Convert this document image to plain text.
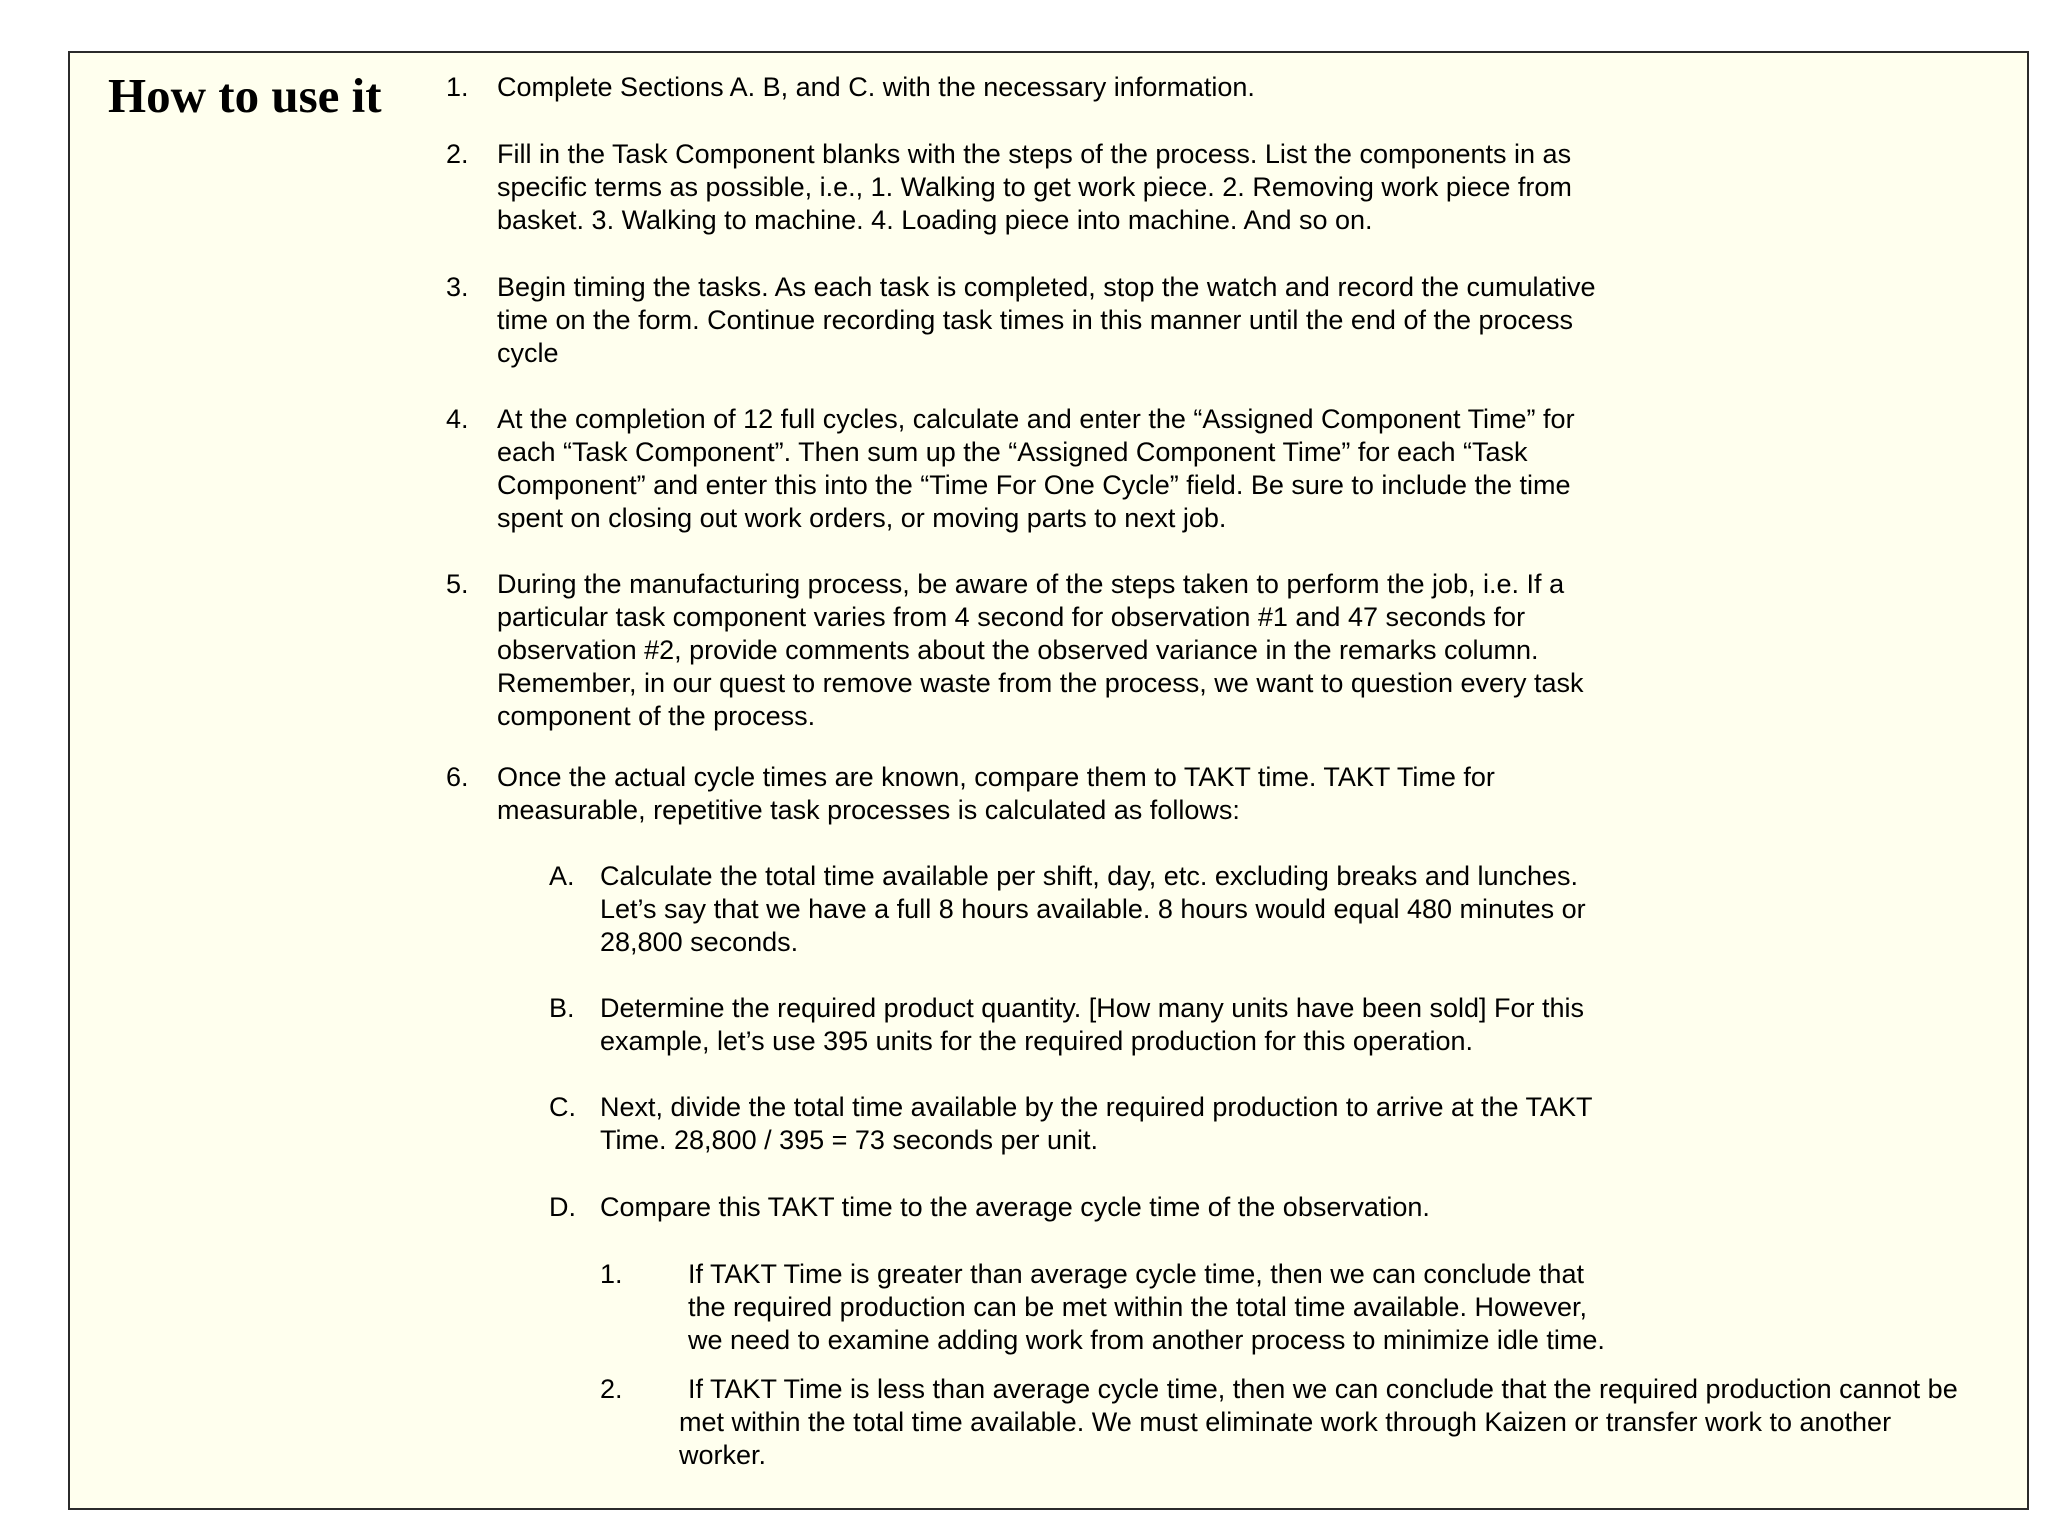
How to use it 1. Complete Sections A. B, and C. with the necessary information.
2. Fill in the Task Component blanks with the steps of the process. List the components in as
specific terms as possible, i.e., 1. Walking to get work piece. 2. Removing work piece from
basket. 3. Walking to machine. 4. Loading piece into machine. And so on.
3. Begin timing the tasks. As each task is completed, stop the watch and record the cumulative
time on the form. Continue recording task times in this manner until the end of the process
cycle
4. At the completion of 12 full cycles, calculate and enter the “Assigned Component Time” for
each “Task Component”. Then sum up the “Assigned Component Time” for each “Task
Component” and enter this into the “Time For One Cycle” field. Be sure to include the time
spent on closing out work orders, or moving parts to next job.
5. During the manufacturing process, be aware of the steps taken to perform the job, i.e. If a
particular task component varies from 4 second for observation #1 and 47 seconds for
observation #2, provide comments about the observed variance in the remarks column.
Remember, in our quest to remove waste from the process, we want to question every task
component of the process.
6. Once the actual cycle times are known, compare them to TAKT time. TAKT Time for
measurable, repetitive task processes is calculated as follows:
A. Calculate the total time available per shift, day, etc. excluding breaks and lunches.
Let’s say that we have a full 8 hours available. 8 hours would equal 480 minutes or
28,800 seconds.
B. Determine the required product quantity. [How many units have been sold] For this
example, let’s use 395 units for the required production for this operation.
C. Next, divide the total time available by the required production to arrive at the TAKT
Time. 28,800 / 395 = 73 seconds per unit.
D. Compare this TAKT time to the average cycle time of the observation.
1. If TAKT Time is greater than average cycle time, then we can conclude that
the required production can be met within the total time available. However,
we need to examine adding work from another process to minimize idle time.
2.	If TAKT Time is less than average cycle time, then we can conclude that the required production cannot be
met within the total time available. We must eliminate work through Kaizen or transfer work to another
worker.
